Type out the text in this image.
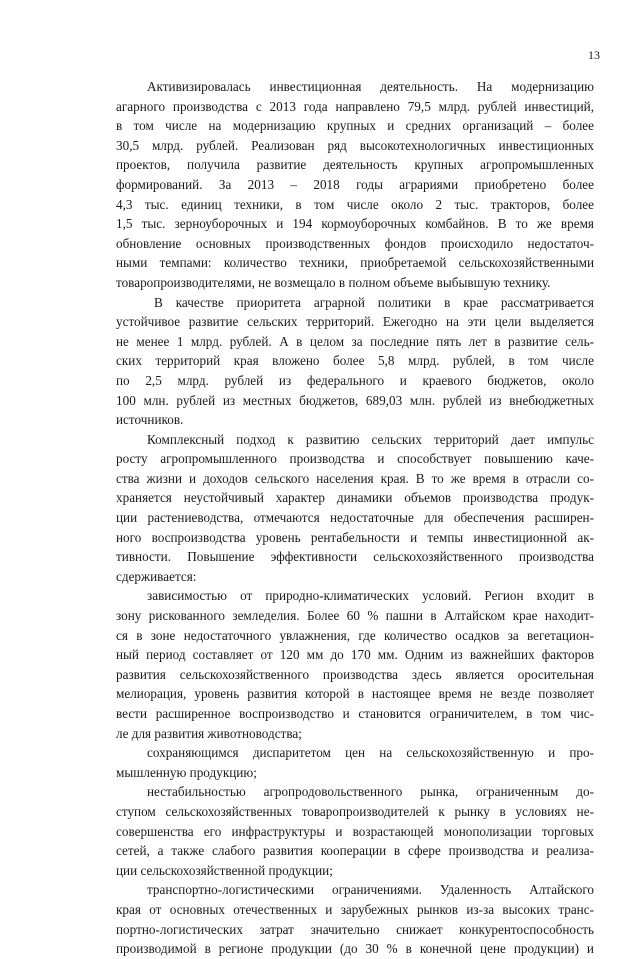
13
Активизировалась инвестиционная деятельность. На модернизацию
агарного производства с 2013 года направлено 79,5 млрд. рублей инвестиций,
в том числе на модернизацию крупных и средних организаций – более
30,5 млрд. рублей. Реализован ряд высокотехнологичных инвестиционных
проектов, получила развитие деятельность крупных агропромышленных
формирований. За 2013 – 2018 годы аграриями приобретено более
4,3 тыс. единиц техники, в том числе около 2 тыс. тракторов, более
1,5 тыс. зерноуборочных и 194 кормоуборочных комбайнов. В то же время
обновление основных производственных фондов происходило недостаточ-
ными темпами: количество техники, приобретаемой сельскохозяйственными
товаропроизводителями, не возмещало в полном объеме выбывшую технику.
В качестве приоритета аграрной политики в крае рассматривается
устойчивое развитие сельских территорий. Ежегодно на эти цели выделяется
не менее 1 млрд. рублей. А в целом за последние пять лет в развитие сель-
ских территорий края вложено более 5,8 млрд. рублей, в том числе
по 2,5 млрд. рублей из федерального и краевого бюджетов, около
100 млн. рублей из местных бюджетов, 689,03 млн. рублей из внебюджетных
источников.
Комплексный подход к развитию сельских территорий дает импульс
росту агропромышленного производства и способствует повышению каче-
ства жизни и доходов сельского населения края. В то же время в отрасли со-
храняется неустойчивый характер динамики объемов производства продук-
ции растениеводства, отмечаются недостаточные для обеспечения расширен-
ного воспроизводства уровень рентабельности и темпы инвестиционной ак-
тивности. Повышение эффективности сельскохозяйственного производства
сдерживается:
зависимостью от природно-климатических условий. Регион входит в
зону рискованного земледелия. Более 60 % пашни в Алтайском крае находит-
ся в зоне недостаточного увлажнения, где количество осадков за вегетацион-
ный период составляет от 120 мм до 170 мм. Одним из важнейших факторов
развития сельскохозяйственного производства здесь является оросительная
мелиорация, уровень развития которой в настоящее время не везде позволяет
вести расширенное воспроизводство и становится ограничителем, в том чис-
ле для развития животноводства;
сохраняющимся диспаритетом цен на сельскохозяйственную и про-
мышленную продукцию;
нестабильностью агропродовольственного рынка, ограниченным до-
ступом сельскохозяйственных товаропроизводителей к рынку в условиях не-
совершенства его инфраструктуры и возрастающей монополизации торговых
сетей, а также слабого развития кооперации в сфере производства и реализа-
ции сельскохозяйственной продукции;
транспортно-логистическими ограничениями. Удаленность Алтайского
края от основных отечественных и зарубежных рынков из-за высоких транс-
портно-логистических затрат значительно снижает конкурентоспособность
производимой в регионе продукции (до 30 % в конечной цене продукции) и
